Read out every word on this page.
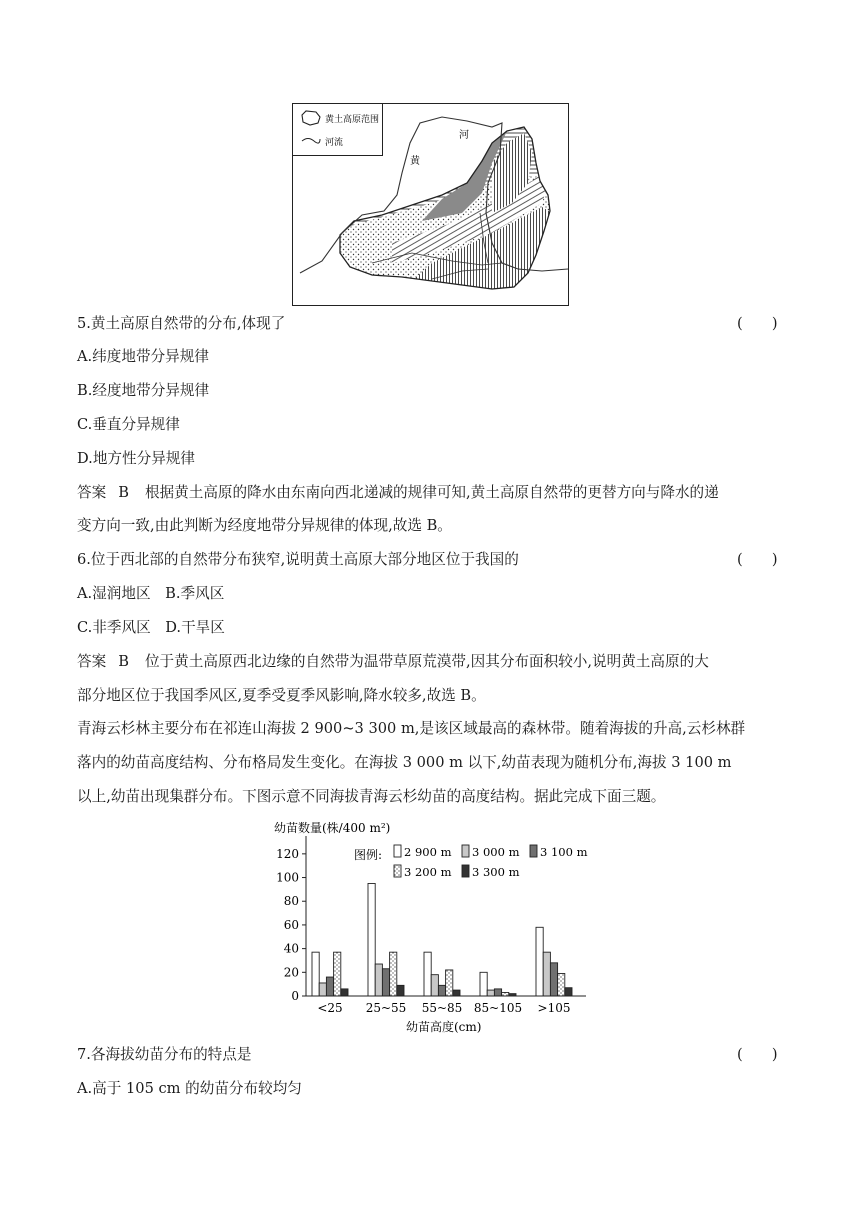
黄土高原范围
河流
黄
河
5.黄土高原自然带的分布,体现了	(　　)
A.纬度地带分异规律
B.经度地带分异规律
C.垂直分异规律
D.地方性分异规律
答案 B 根据黄土高原的降水由东南向西北递减的规律可知,黄土高原自然带的更替方向与降水的递
变方向一致,由此判断为经度地带分异规律的体现,故选 B。
6.位于西北部的自然带分布狭窄,说明黄土高原大部分地区位于我国的	(　　)
A.湿润地区　B.季风区
C.非季风区　D.干旱区
答案 B 位于黄土高原西北边缘的自然带为温带草原荒漠带,因其分布面积较小,说明黄土高原的大
部分地区位于我国季风区,夏季受夏季风影响,降水较多,故选 B。
青海云杉林主要分布在祁连山海拔 2 900~3 300 m,是该区域最高的森林带。随着海拔的升高,云杉林群
落内的幼苗高度结构、分布格局发生变化。在海拔 3 000 m 以下,幼苗表现为随机分布,海拔 3 100 m
以上,幼苗出现集群分布。下图示意不同海拔青海云杉幼苗的高度结构。据此完成下面三题。
幼苗数量(株/400 m²)
0
20
40
60
80
100
120
<25 25~55 55~85 85~105 >105
幼苗高度(cm)
图例: 2 900 m 3 000 m 3 100 m
3 200 m 3 300 m
7.各海拔幼苗分布的特点是	(　　)
A.高于 105 cm 的幼苗分布较均匀
